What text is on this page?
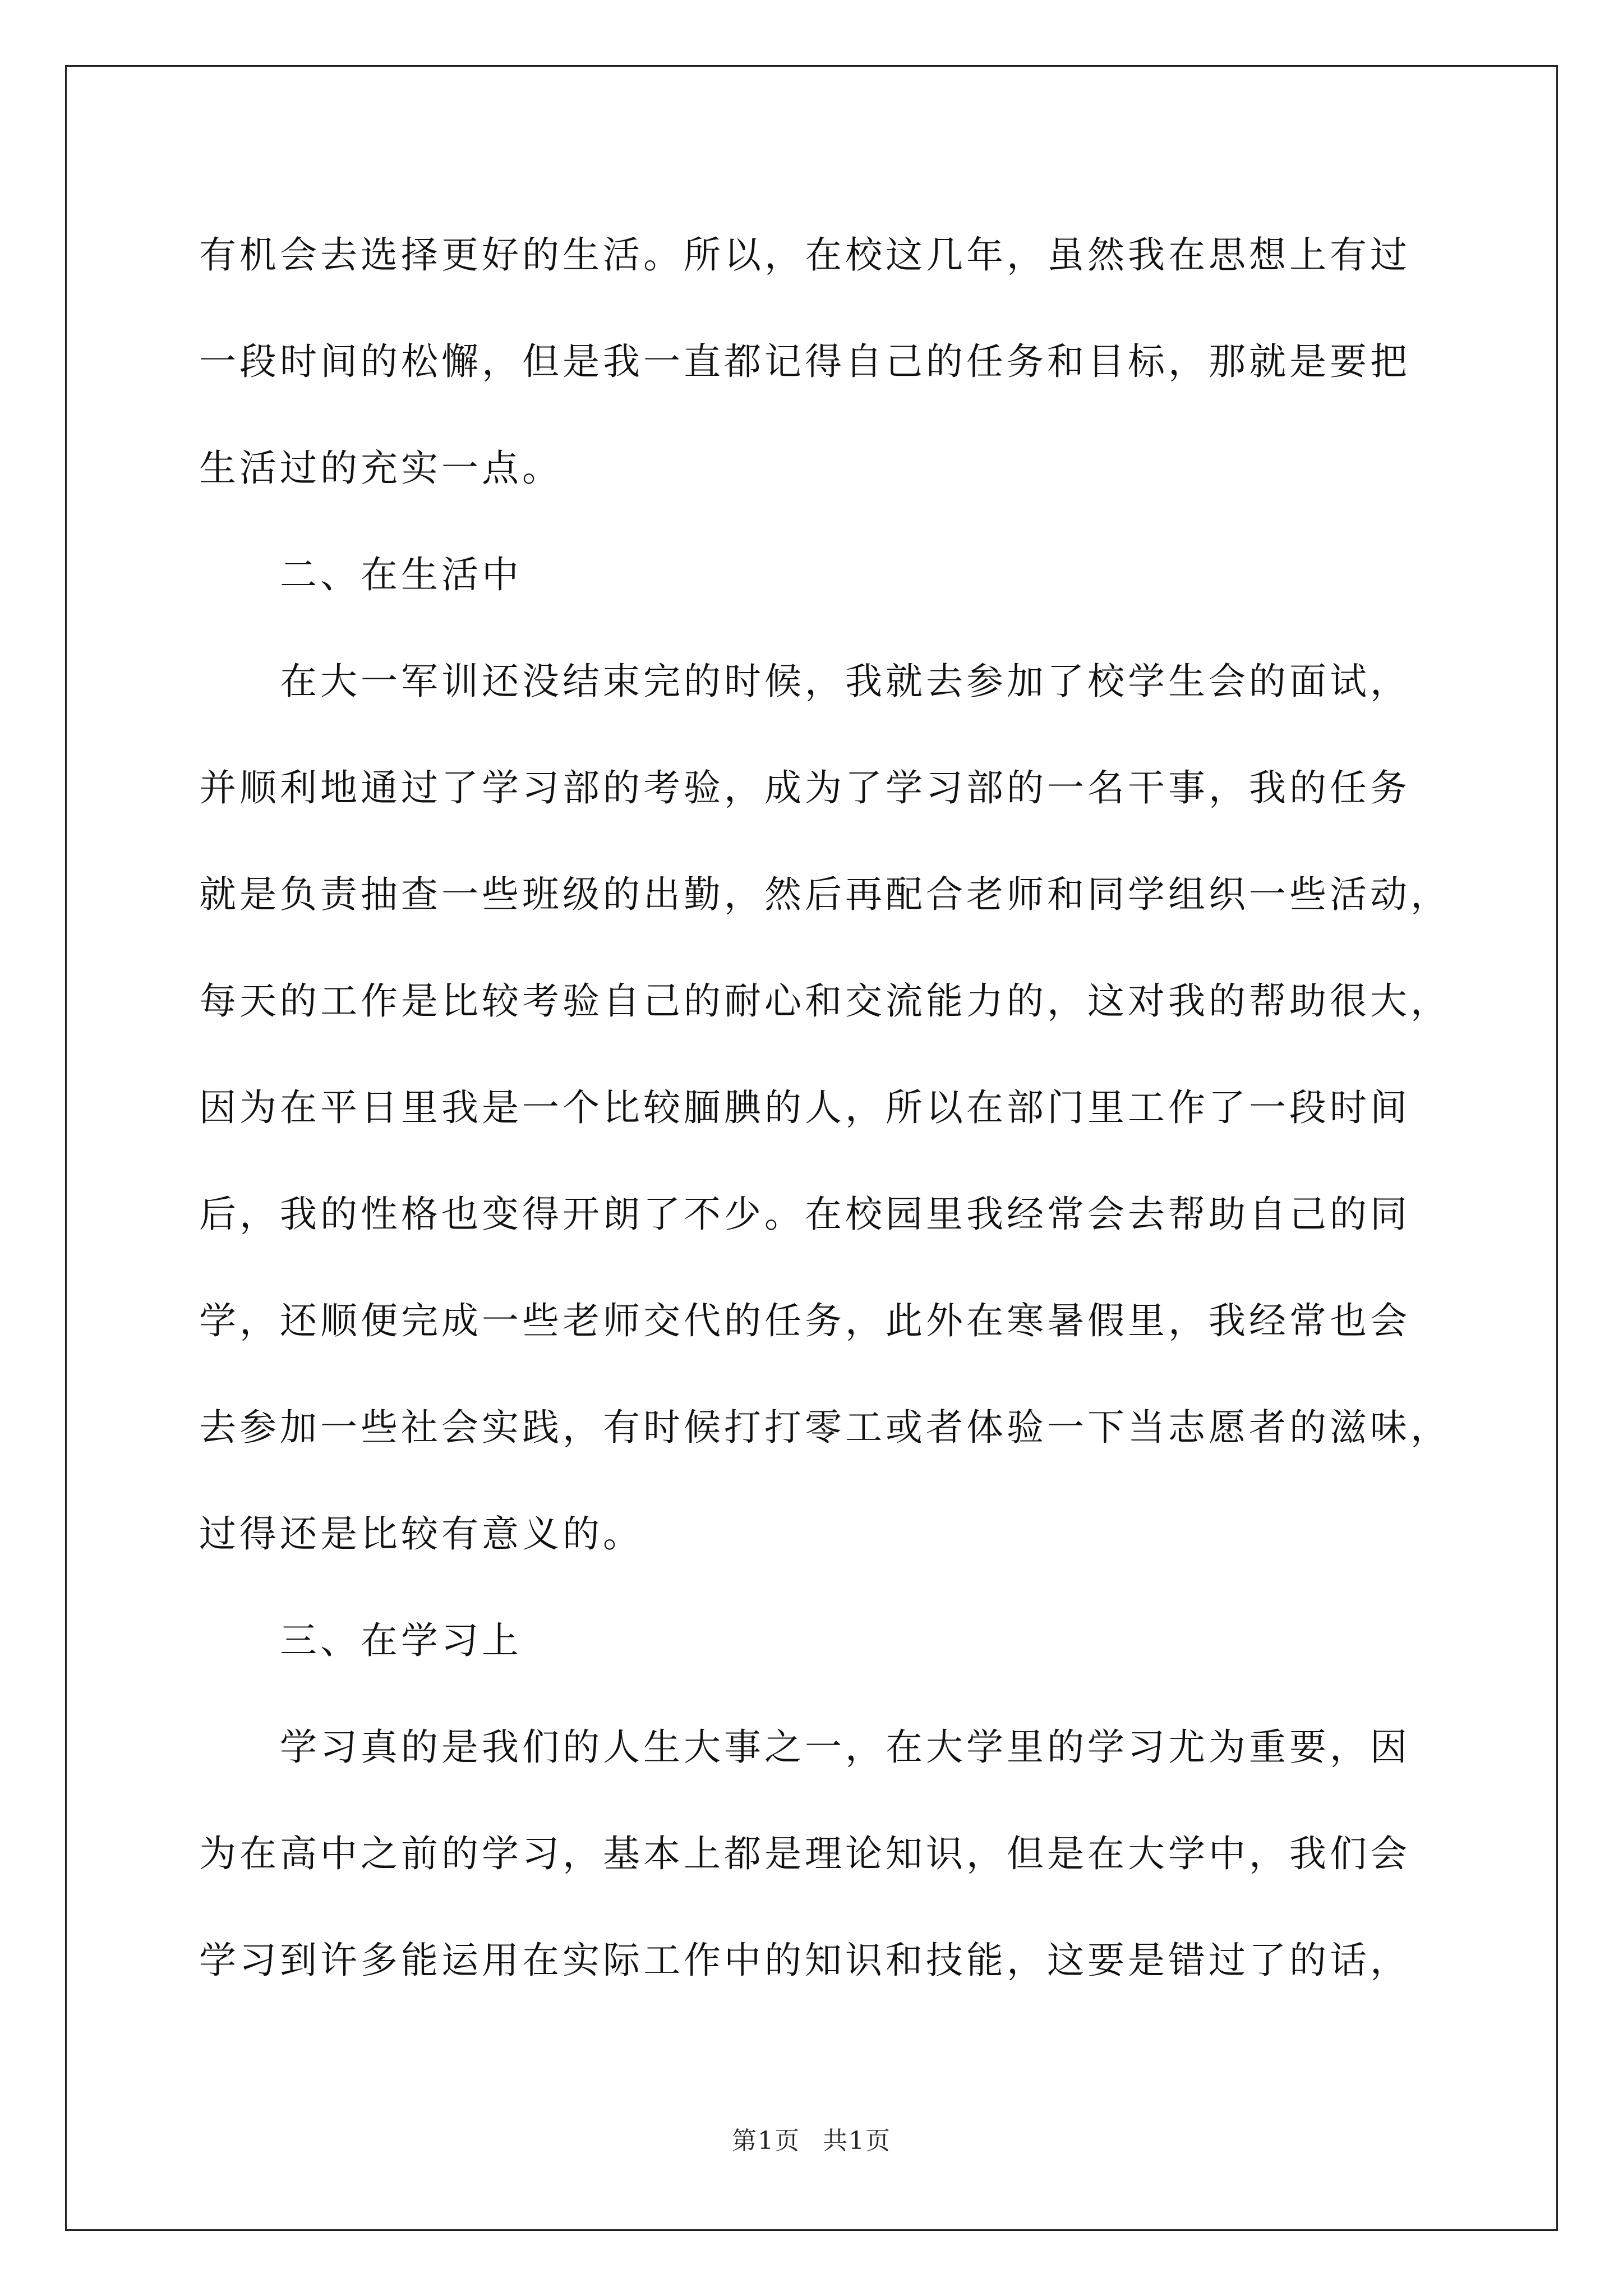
有机会去选择更好的生活。所以，在校这几年，虽然我在思想上有过
一段时间的松懈，但是我一直都记得自己的任务和目标，那就是要把
生活过的充实一点。
二、在生活中
在大一军训还没结束完的时候，我就去参加了校学生会的面试，
并顺利地通过了学习部的考验，成为了学习部的一名干事，我的任务
就是负责抽查一些班级的出勤，然后再配合老师和同学组织一些活动，
每天的工作是比较考验自己的耐心和交流能力的，这对我的帮助很大，
因为在平日里我是一个比较腼腆的人，所以在部门里工作了一段时间
后，我的性格也变得开朗了不少。在校园里我经常会去帮助自己的同
学，还顺便完成一些老师交代的任务，此外在寒暑假里，我经常也会
去参加一些社会实践，有时候打打零工或者体验一下当志愿者的滋味，
过得还是比较有意义的。
三、在学习上
学习真的是我们的人生大事之一，在大学里的学习尤为重要，因
为在高中之前的学习，基本上都是理论知识，但是在大学中，我们会
学习到许多能运用在实际工作中的知识和技能，这要是错过了的话，
第1页 共1页
